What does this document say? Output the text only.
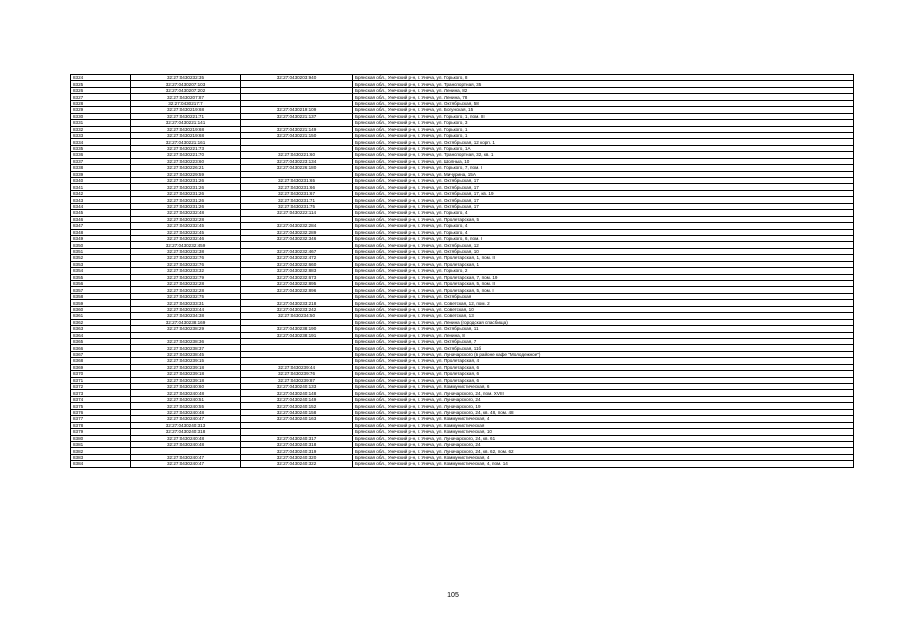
8324	32:27:0430232:35	32:27:0430203:940	Брянская обл., Унечский р-н, г. Унеча, ул. Горького, 8
8325	32:27:0430207:103		Брянская обл., Унечский р-н, г. Унеча, ул. Транспортная, 35
8326	32:27:0430207:202		Брянская обл., Унечский р-н, г. Унеча, ул. Ленина, 82
8327	32:27:0430207:87		Брянская обл., Унечский р-н, г. Унеча, ул. Ленина, 78
8328	32:27:0430217:7		Брянская обл., Унечский р-н, г. Унеча, ул. Октябрьская, 58
8329	32:27:0430219:68	32:27:0430219:109	Брянская обл., Унечский р-н, г. Унеча, ул. Богунская, 15
8330	32:27:0430221:71	32:27:0430221:137	Брянская обл., Унечский р-н, г. Унеча, ул. Горького, 1, пом. III
8331	32:27:0430221:141		Брянская обл., Унечский р-н, г. Унеча, ул. Горького, 3
8332	32:27:0430219:68	32:27:0430221:149	Брянская обл., Унечский р-н, г. Унеча, ул. Горького, 1
8333	32:27:0430219:68	32:27:0430221:150	Брянская обл., Унечский р-н, г. Унеча, ул. Горького, 1
8334	32:27:0430221:161		Брянская обл., Унечский р-н, г. Унеча, ул. Октябрьская, 12 корп. 1
8335	32:27:0430221:73		Брянская обл., Унечский р-н, г. Унеча, ул. Горького, 1А
8336	32:27:0430221:70	32:27:0430221:60	Брянская обл., Унечский р-н, г. Унеча, ул. Транспортная, 32, кв. 1
8337	32:27:0430223:60	32:27:0430223:134	Брянская обл., Унечский р-н, г. Унеча, ул. Шолныа, 10
8338	32:27:0430226:21	32:27:0430226:180	Брянская обл., Унечский р-н, г. Унеча, ул. Горького, 7, пом. I
8339	32:27:0430229:59		Брянская обл., Унечский р-н, г. Унеча, ул. Мичурина, 15А
8340	32:27:0430231:26	32:27:0430231:65	Брянская обл., Унечский р-н, г. Унеча, ул. Октябрьская, 17
8341	32:27:0430231:26	32:27:0430231:66	Брянская обл., Унечский р-н, г. Унеча, ул. Октябрьская, 17
8342	32:27:0430231:26	32:27:0430231:67	Брянская обл., Унечский р-н, г. Унеча, ул. Октябрьская, 17, кв. 19
8343	32:27:0430231:26	32:27:0430231:71	Брянская обл., Унечский р-н, г. Унеча, ул. Октябрьская, 17
8344	32:27:0430231:26	32:27:0430231:75	Брянская обл., Унечский р-н, г. Унеча, ул. Октябрьская, 17
8345	32:27:0430232:48	32:27:0430222:114	Брянская обл., Унечский р-н, г. Унеча, ул. Горького, 4
8346	32:27:0430232:28		Брянская обл., Унечский р-н, г. Унеча, ул. Пролетарская, 5
8347	32:27:0430232:45	32:27:0430232:284	Брянская обл., Унечский р-н, г. Унеча, ул. Горького, 4
8348	32:27:0430232:45	32:27:0430232:289	Брянская обл., Унечский р-н, г. Унеча, ул. Горького, 4
8349	32:27:0430232:46	32:27:0430232:346	Брянская обл., Унечский р-н, г. Унеча, ул. Горького, 6, пом. I
8350	32:27:0430232:459		Брянская обл., Унечский р-н, г. Унеча, ул. Октябрьская, 12
8351	32:27:0430232:38	32:27:0430232:467	Брянская обл., Унечский р-н, г. Унеча, ул. Октябрьская, 10
8352	32:27:0430232:76	32:27:0430232:472	Брянская обл., Унечский р-н, г. Унеча, ул. Пролетарская, 1, пом. II
8353	32:27:0430232:76	32:27:0430232:660	Брянская обл., Унечский р-н, г. Унеча, ул. Пролетарская, 1
8354	32:27:0430233:32	32:27:0430232:883	Брянская обл., Унечский р-н, г. Унеча, ул. Горького, 2
8355	32:27:0430232:79	32:27:0430232:673	Брянская обл., Унечский р-н, г. Унеча, ул. Пролетарская, 7, пом. 19
8356	32:27:0430232:28	32:27:0430232:895	Брянская обл., Унечский р-н, г. Унеча, ул. Пролетарская, 5, пом. II
8357	32:27:0430232:28	32:27:0430232:896	Брянская обл., Унечский р-н, г. Унеча, ул. Пролетарская, 5, пом. I
8358	32:27:0430232:75		Брянская обл., Унечский р-н, г. Унеча, ул. Октябрьская
8359	32:27:0430233:31	32:27:0430233:218	Брянская обл., Унечский р-н, г. Унеча, ул. Советская, 12, пом. 2
8360	32:27:0430233:44	32:27:0430233:242	Брянская обл., Унечский р-н, г. Унеча, ул. Советская, 10
8361	32:27:0430234:38	32:27:0430234:50	Брянская обл., Унечский р-н, г. Унеча, ул. Советская, 13
8362	32:27:0430238:169		Брянская обл., Унечский р-н, г. Унеча, ул. Ленина (городская спасбища)
8363	32:27:0430238:29	32:27:0430238:190	Брянская обл., Унечский р-н, г. Унеча, ул. Октябрьская, 11
8364		32:27:0430238:191	Брянская обл., Унечский р-н, г. Унеча, ул. Ленина, 8
8365	32:27:0430238:36		Брянская обл., Унечский р-н, г. Унеча, ул. Октябрьская, 7
8366	32:27:0430238:37		Брянская обл., Унечский р-н, г. Унеча, ул. Октябрьская, 11б
8367	32:27:0430238:45		Брянская обл., Унечский р-н, г. Унеча, ул. Луначарского (в районе кафе "Молодежное")
8368	32:27:0430239:15		Брянская обл., Унечский р-н, г. Унеча, ул. Пролетарская, 4
8369	32:27:0430239:18	32:27:0430239:44	Брянская обл., Унечский р-н, г. Унеча, ул. Пролетарская, 6
8370	32:27:0430239:18	32:27:0430239:76	Брянская обл., Унечский р-н, г. Унеча, ул. Пролетарская, 6
8371	32:27:0430239:18	32:27:0430239:87	Брянская обл., Унечский р-н, г. Унеча, ул. Пролетарская, 6
8372	32:27:0430240:60	32:27:0430240:133	Брянская обл., Унечский р-н, г. Унеча, ул. Коммунистическая, 6
8373	32:27:0430240:48	32:27:0430240:148	Брянская обл., Унечский р-н, г. Унеча, ул. Луначарского, 24, пом. XVIII
8374	32:27:0430240:51	32:27:0430240:149	Брянская обл., Унечский р-н, г. Унеча, ул. Луначарского, 24
8375	32:27:0430240:55	32:27:0430240:152	Брянская обл., Унечский р-н, г. Унеча, ул. Луначарского, 19
8376	32:27:0430240:48	32:27:0430240:158	Брянская обл., Унечский р-н, г. Унеча, ул. Луначарского, 24, кв. 48, пом. 48
8377	32:27:0430240:47	32:27:0430240:163	Брянская обл., Унечский р-н, г. Унеча, ул. Коммунистическая, 4
8378	32:27:0430240:313		Брянская обл., Унечский р-н, г. Унеча, ул. Коммунистическая
8379	32:27:0430240:318		Брянская обл., Унечский р-н, г. Унеча, ул. Коммунистическая, 10
8380	32:27:0430240:48	32:27:0430240:317	Брянская обл., Унечский р-н, г. Унеча, ул. Луначарского, 24, кв. 61
8381	32:27:0430240:48	32:27:0430240:318	Брянская обл., Унечский р-н, г. Унеча, ул. Луначарского, 24
8382		32:27:0430240:319	Брянская обл., Унечский р-н, г. Унеча, ул. Луначарского, 24, кв. 62, пом. 62
8383	32:27:0430240:47	32:27:0430240:320	Брянская обл., Унечский р-н, г. Унеча, ул. Коммунистическая, 4
8384	32:27:0430240:47	32:27:0430240:322	Брянская обл., Унечский р-н, г. Унеча, ул. Коммунистическая, 4, пом. 14
105
